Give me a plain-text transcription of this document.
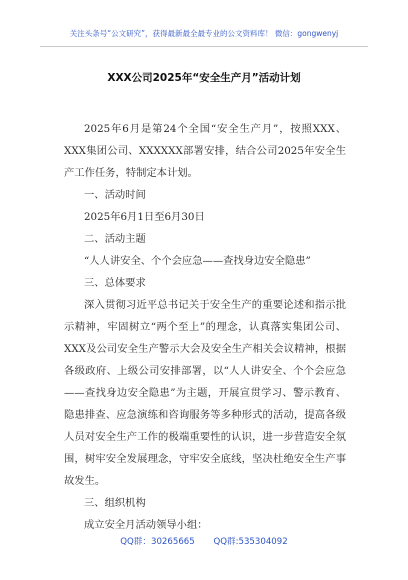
关注头条号“公文研究”，获得最新最全最专业的公文资料库！ 微信：gongwenyj
XXX公司2025年“安全生产月”活动计划

2025年6月是第24个全国“安全生产月”，按照XXX、XXX集团公司、XXXXXX部署安排，结合公司2025年安全生产工作任务，特制定本计划。

一、活动时间

2025年6月1日至6月30日

二、活动主题

“人人讲安全、个个会应急——查找身边安全隐患”

三、总体要求

深入贯彻习近平总书记关于安全生产的重要论述和指示批示精神，牢固树立“两个至上”的理念，认真落实集团公司、XXX及公司安全生产警示大会及安全生产相关会议精神，根据各级政府、上级公司安排部署，以“人人讲安全、个个会应急——查找身边安全隐患”为主题，开展宣贯学习、警示教育、隐患排查、应急演练和咨询服务等多种形式的活动，提高各级人员对安全生产工作的极端重要性的认识，进一步营造安全氛围，树牢安全发展理念，守牢安全底线，坚决杜绝安全生产事故发生。

三、组织机构

成立安全月活动领导小组：

QQ群：30265665 QQ群:535304092
